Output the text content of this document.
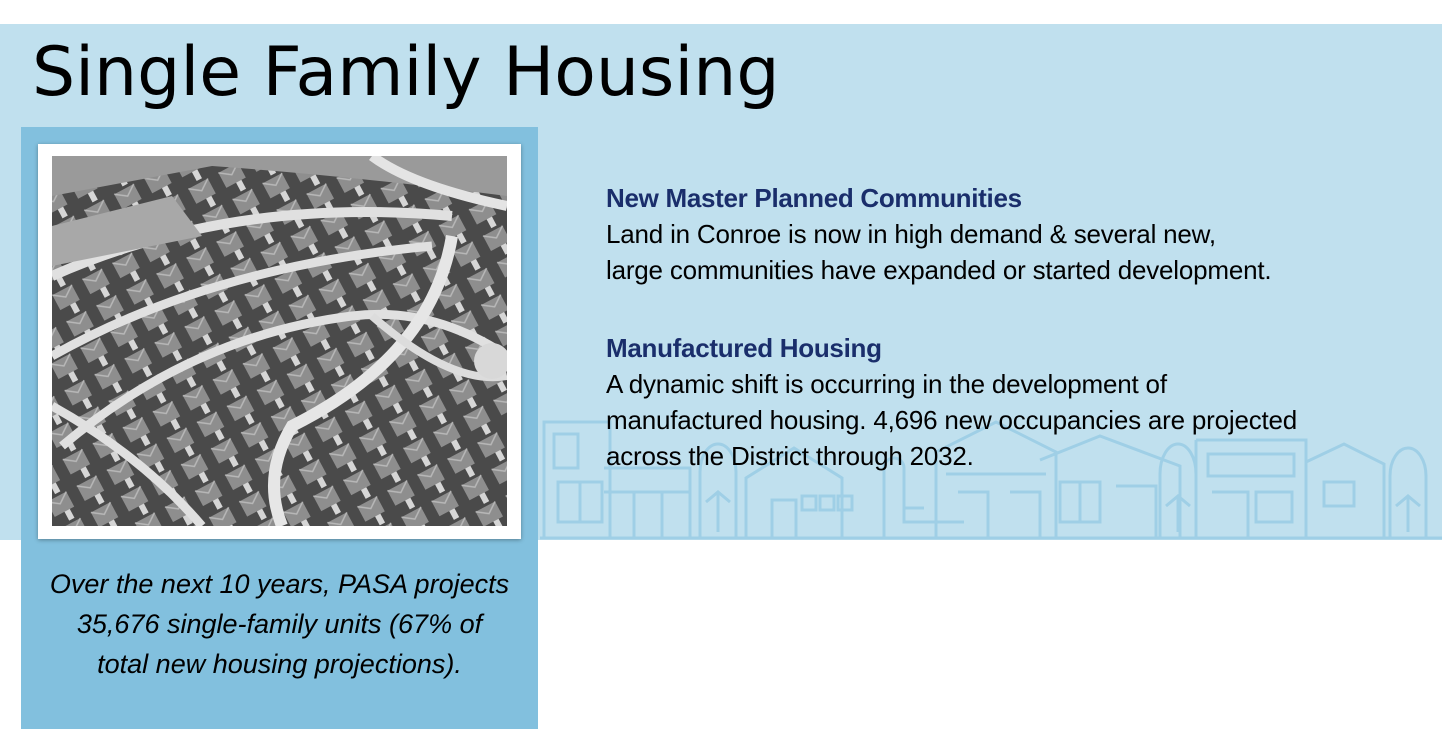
Single Family Housing
Over the next 10 years, PASA projects
35,676 single-family units (67% of
total new housing projections).
New Master Planned Communities
Land in Conroe is now in high demand & several new,
large communities have expanded or started development.
Manufactured Housing
A dynamic shift is occurring in the development of
manufactured housing. 4,696 new occupancies are projected
across the District through 2032.
